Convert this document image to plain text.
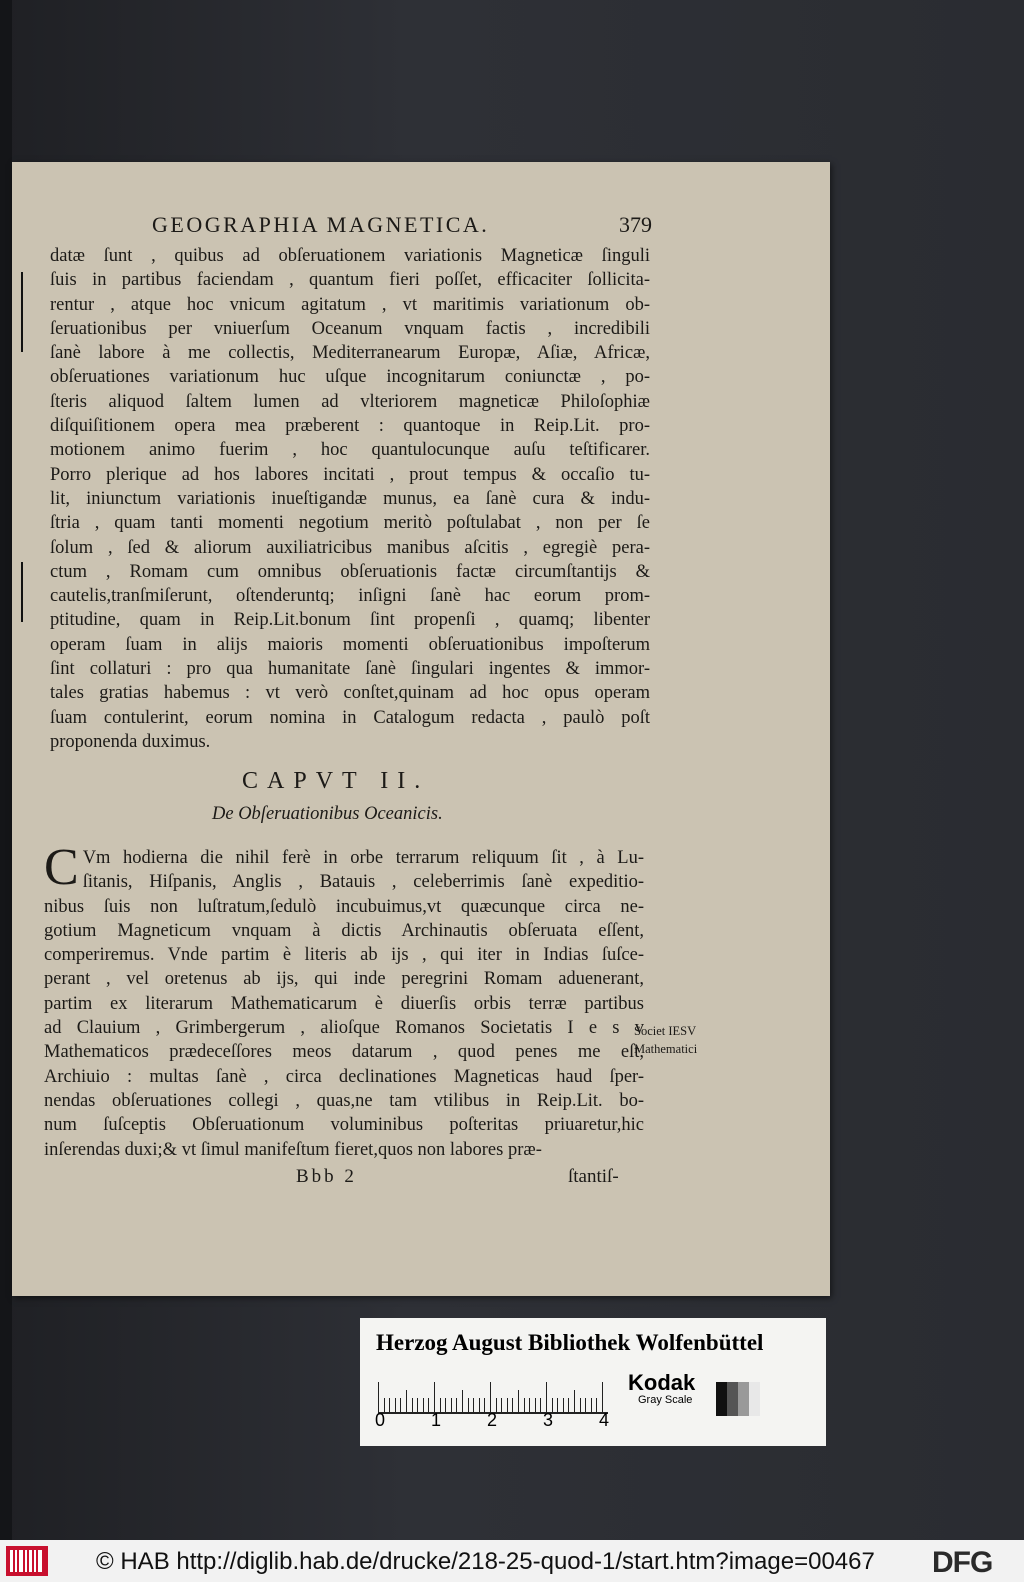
GEOGRAPHIA MAGNETICA.	379
datæ ſunt , quibus ad obſeruationem variationis Magneticæ ſinguli
ſuis in partibus faciendam , quantum fieri poſſet, efficaciter ſollicita-
rentur , atque hoc vnicum agitatum , vt maritimis variationum ob-
ſeruationibus per vniuerſum Oceanum vnquam factis , incredibili
ſanè labore à me collectis, Mediterranearum Europæ, Aſiæ, Africæ,
obſeruationes variationum huc uſque incognitarum coniunctæ , po-
ſteris aliquod ſaltem lumen ad vlteriorem magneticæ Philoſophiæ
diſquiſitionem opera mea præberent : quantoque in Reip.Lit. pro-
motionem animo fuerim , hoc quantulocunque auſu teſtificarer.
Porro plerique ad hos labores incitati , prout tempus & occaſio tu-
lit, iniunctum variationis inueſtigandæ munus, ea ſanè cura & indu-
ſtria , quam tanti momenti negotium meritò poſtulabat , non per ſe
ſolum , ſed & aliorum auxiliatricibus manibus aſcitis , egregiè pera-
ctum , Romam cum omnibus obſeruationis factæ circumſtantijs &
cautelis,tranſmiſerunt, oſtenderuntq; inſigni ſanè hac eorum prom-
ptitudine, quam in Reip.Lit.bonum ſint propenſi , quamq; libenter
operam ſuam in alijs maioris momenti obſeruationibus impoſterum
ſint collaturi : pro qua humanitate ſanè ſingulari ingentes & immor-
tales gratias habemus : vt verò conſtet,quinam ad hoc opus operam
ſuam contulerint, eorum nomina in Catalogum redacta , paulò poſt
proponenda duximus.
CAPVT II.
De Obſeruationibus Oceanicis.
C Vm hodierna die nihil ferè in orbe terrarum reliquum ſit , à Lu-
ſitanis, Hiſpanis, Anglis , Batauis , celeberrimis ſanè expeditio-
nibus ſuis non luſtratum,ſedulò incubuimus,vt quæcunque circa ne-
gotium Magneticum vnquam à dictis Archinautis obſeruata eſſent,
comperiremus. Vnde partim è literis ab ijs , qui iter in Indias ſuſce-
perant , vel oretenus ab ijs, qui inde peregrini Romam aduenerant,
partim ex literarum Mathematicarum è diuerſis orbis terræ partibus
ad Clauium , Grimbergerum , alioſque Romanos Societatis I e s v
Mathematicos prædeceſſores meos datarum , quod penes me eſt,
Archiuio : multas ſanè , circa declinationes Magneticas haud ſper-
nendas obſeruationes collegi , quas,ne tam vtilibus in Reip.Lit. bo-
num ſuſceptis Obſeruationum voluminibus poſteritas priuaretur,hic
inſerendas duxi;& vt ſimul manifeſtum fieret,quos non labores præ-
Societ IESV
Mathematici
Bbb 2	ſtantiſ-
Herzog August Bibliothek Wolfenbüttel
0	1	2	3	4
Kodak
Gray Scale
© HAB http://diglib.hab.de/drucke/218-25-quod-1/start.htm?image=00467	DFG
